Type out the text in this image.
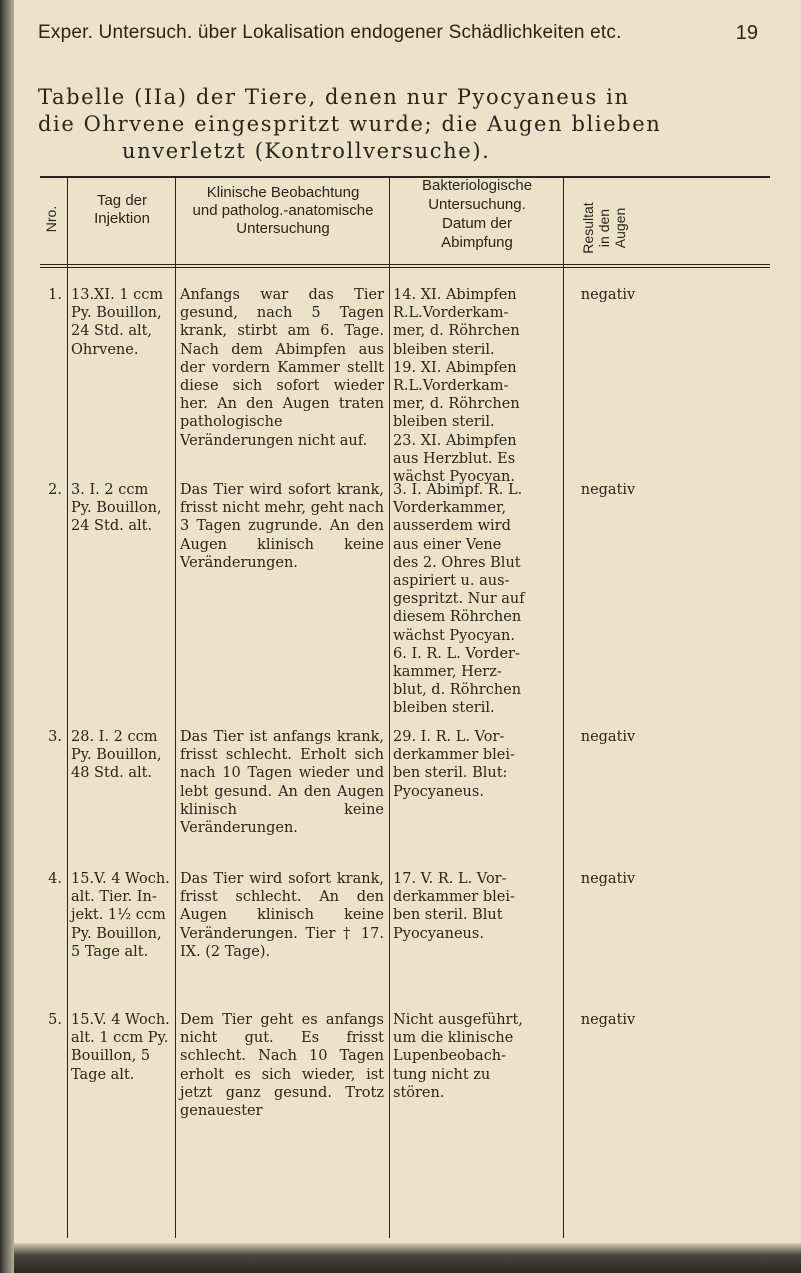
Exper. Untersuch. über Lokalisation endogener Schädlichkeiten etc.	19
Tabelle (IIa) der Tiere, denen nur Pyocyaneus in
die Ohrvene eingespritzt wurde; die Augen blieben
unverletzt (Kontrollversuche).
Nro.
Tag der
Injektion
Klinische Beobachtung
und patholog.-anatomische
Untersuchung
Bakteriologische
Untersuchung.
Datum der
Abimpfung	Resultat
in den
Augen
1. 13.XI. 1 ccm
Py. Bouillon,
24 Std. alt,
Ohrvene.
Anfangs war das Tier gesund, nach 5 Tagen krank, stirbt am 6. Tage. Nach dem Abimpfen aus der vordern Kammer stellt diese sich sofort wieder her. An den Augen traten pathologische Veränderungen nicht auf.
14. XI. Abimpfen
R.L.Vorderkam-
mer, d. Röhrchen
bleiben steril.
19. XI. Abimpfen
R.L.Vorderkam-
mer, d. Röhrchen
bleiben steril.
23. XI. Abimpfen
aus Herzblut. Es
wächst Pyocyan.
negativ
2. 3. I. 2 ccm
Py. Bouillon,
24 Std. alt.
Das Tier wird sofort krank, frisst nicht mehr, geht nach 3 Tagen zugrunde. An den Augen klinisch keine Veränderungen.
3. I. Abimpf. R. L.
Vorderkammer,
ausserdem wird
aus einer Vene
des 2. Ohres Blut
aspiriert u. aus-
gespritzt. Nur auf
diesem Röhrchen
wächst Pyocyan.
6. I. R. L. Vorder-
kammer, Herz-
blut, d. Röhrchen
bleiben steril.
negativ
3. 28. I. 2 ccm
Py. Bouillon,
48 Std. alt.
Das Tier ist anfangs krank, frisst schlecht. Erholt sich nach 10 Tagen wieder und lebt gesund. An den Augen klinisch keine Veränderungen.
29. I. R. L. Vor-
derkammer blei-
ben steril. Blut:
Pyocyaneus.
negativ
4. 15.V. 4 Woch.
alt. Tier. In-
jekt. 1½ ccm
Py. Bouillon,
5 Tage alt.
Das Tier wird sofort krank, frisst schlecht. An den Augen klinisch keine Veränderungen. Tier † 17. IX. (2 Tage).
17. V. R. L. Vor-
derkammer blei-
ben steril. Blut
Pyocyaneus.
negativ
5. 15.V. 4 Woch.
alt. 1 ccm Py.
Bouillon, 5
Tage alt.
Dem Tier geht es anfangs nicht gut. Es frisst schlecht. Nach 10 Tagen erholt es sich wieder, ist jetzt ganz gesund. Trotz genauester
Nicht ausgeführt,
um die klinische
Lupenbeobach-
tung nicht zu
stören.
negativ
